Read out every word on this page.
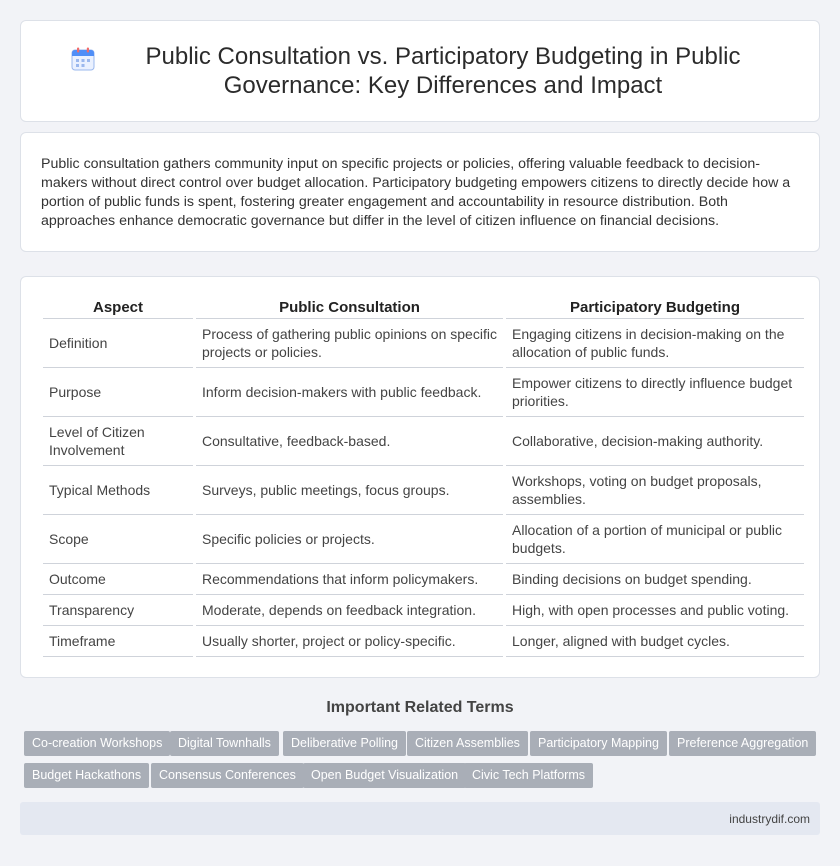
Public Consultation vs. Participatory Budgeting in Public Governance: Key Differences and Impact

Public consultation gathers community input on specific projects or policies, offering valuable feedback to decision-makers without direct control over budget allocation. Participatory budgeting empowers citizens to directly decide how a portion of public funds is spent, fostering greater engagement and accountability in resource distribution. Both approaches enhance democratic governance but differ in the level of citizen influence on financial decisions.

Aspect	Public Consultation	Participatory Budgeting
Definition	Process of gathering public opinions on specific projects or policies.	Engaging citizens in decision-making on the allocation of public funds.
Purpose	Inform decision-makers with public feedback.	Empower citizens to directly influence budget priorities.
Level of Citizen Involvement	Consultative, feedback-based.	Collaborative, decision-making authority.
Typical Methods	Surveys, public meetings, focus groups.	Workshops, voting on budget proposals, assemblies.
Scope	Specific policies or projects.	Allocation of a portion of municipal or public budgets.
Outcome	Recommendations that inform policymakers.	Binding decisions on budget spending.
Transparency	Moderate, depends on feedback integration.	High, with open processes and public voting.
Timeframe	Usually shorter, project or policy-specific.	Longer, aligned with budget cycles.
Important Related Terms
Co-creation Workshops	Digital Townhalls	Deliberative Polling	Citizen Assemblies	Participatory Mapping	Preference Aggregation
Budget Hackathons	Consensus Conferences	Open Budget Visualization	Civic Tech Platforms
industrydif.com
